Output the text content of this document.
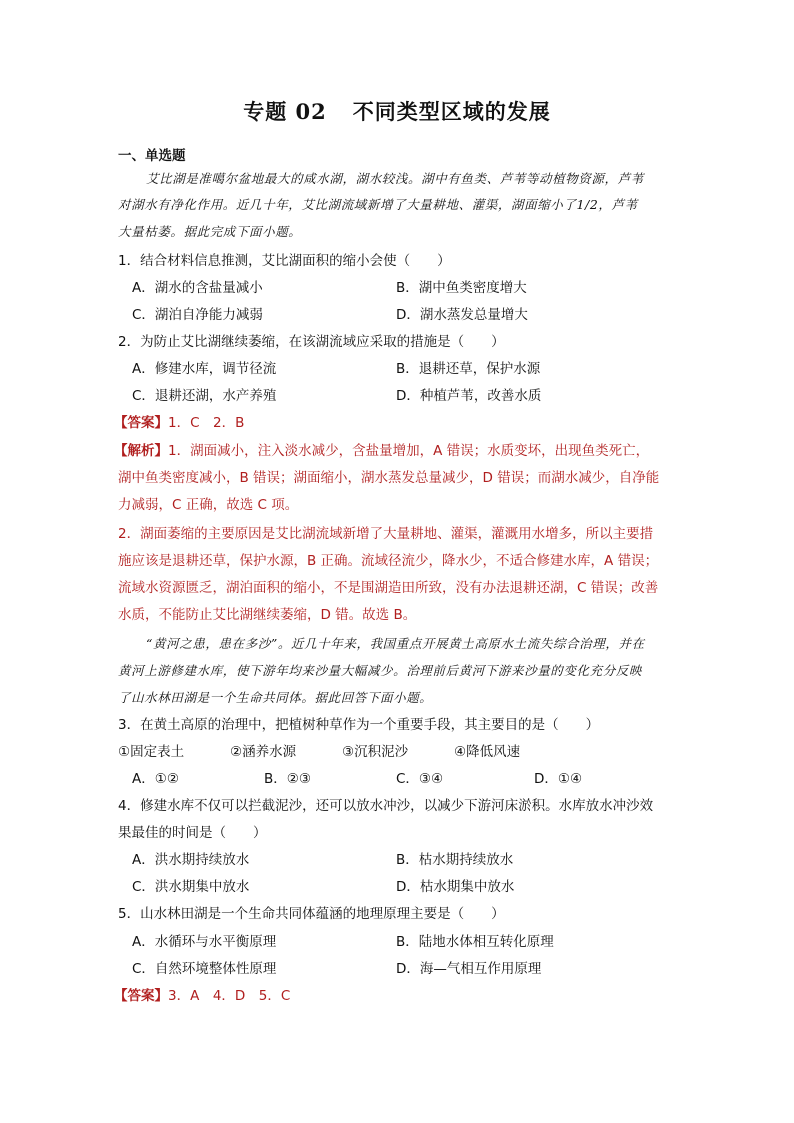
专题 02 不同类型区域的发展
一、单选题
艾比湖是准噶尔盆地最大的咸水湖，湖水较浅。湖中有鱼类、芦苇等动植物资源，芦苇
对湖水有净化作用。近几十年，艾比湖流域新增了大量耕地、灌渠，湖面缩小了1/2，芦苇
大量枯萎。据此完成下面小题。
1．结合材料信息推测，艾比湖面积的缩小会使（　　）
A．湖水的含盐量减小	B．湖中鱼类密度增大
C．湖泊自净能力减弱	D．湖水蒸发总量增大
2．为防止艾比湖继续萎缩，在该湖流域应采取的措施是（　　）
A．修建水库，调节径流	B．退耕还草，保护水源
C．退耕还湖，水产养殖	D．种植芦苇，改善水质
【答案】1．C　2．B
【解析】1．湖面减小，注入淡水减少，含盐量增加，A 错误；水质变坏，出现鱼类死亡，
湖中鱼类密度减小，B 错误；湖面缩小，湖水蒸发总量减少，D 错误；而湖水减少，自净能
力减弱，C 正确，故选 C 项。
2．湖面萎缩的主要原因是艾比湖流域新增了大量耕地、灌渠，灌溉用水增多，所以主要措
施应该是退耕还草，保护水源，B 正确。流域径流少，降水少，不适合修建水库，A 错误；
流域水资源匮乏，湖泊面积的缩小，不是围湖造田所致，没有办法退耕还湖，C 错误；改善
水质，不能防止艾比湖继续萎缩，D 错。故选 B。
“黄河之患，患在多沙”。近几十年来，我国重点开展黄土高原水土流失综合治理，并在
黄河上游修建水库，使下游年均来沙量大幅减少。治理前后黄河下游来沙量的变化充分反映
了山水林田湖是一个生命共同体。据此回答下面小题。
3．在黄土高原的治理中，把植树种草作为一个重要手段，其主要目的是（　　）
①固定表土	②涵养水源	③沉积泥沙	④降低风速
A．①②	B．②③	C．③④	D．①④
4．修建水库不仅可以拦截泥沙，还可以放水冲沙，以减少下游河床淤积。水库放水冲沙效
果最佳的时间是（　　）
A．洪水期持续放水	B．枯水期持续放水
C．洪水期集中放水	D．枯水期集中放水
5．山水林田湖是一个生命共同体蕴涵的地理原理主要是（　　）
A．水循环与水平衡原理	B．陆地水体相互转化原理
C．自然环境整体性原理	D．海—气相互作用原理
【答案】3．A　4．D　5．C
